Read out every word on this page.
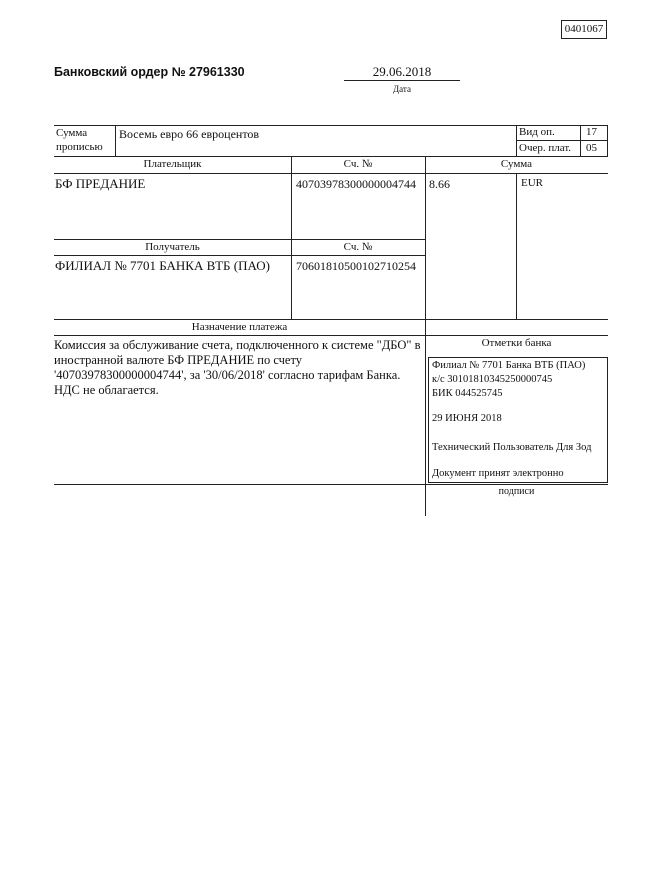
0401067
Банковский ордер № 27961330	29.06.2018
Дата
Сумма
прописью
Восемь евро 66 евроцентов	Вид оп.	17
Очер. плат. 05
Плательщик	Сч. №	Сумма
БФ ПРЕДАНИЕ	40703978300000004744 8.66	EUR
Получатель	Сч. №
ФИЛИАЛ № 7701 БАНКА ВТБ (ПАО) 70601810500102710254
Назначение платежа
Отметки банка
Комиссия за обслуживание счета, подключенного к системе "ДБО" в иностранной валюте БФ ПРЕДАНИЕ по счету '40703978300000004744', за '30/06/2018' согласно тарифам Банка. НДС не облагается.
Филиал № 7701 Банка ВТБ (ПАО)
к/с 30101810345250000745
БИК 044525745
29 ИЮНЯ 2018
Технический Пользователь Для Зод
Документ принят электронно
подписи
